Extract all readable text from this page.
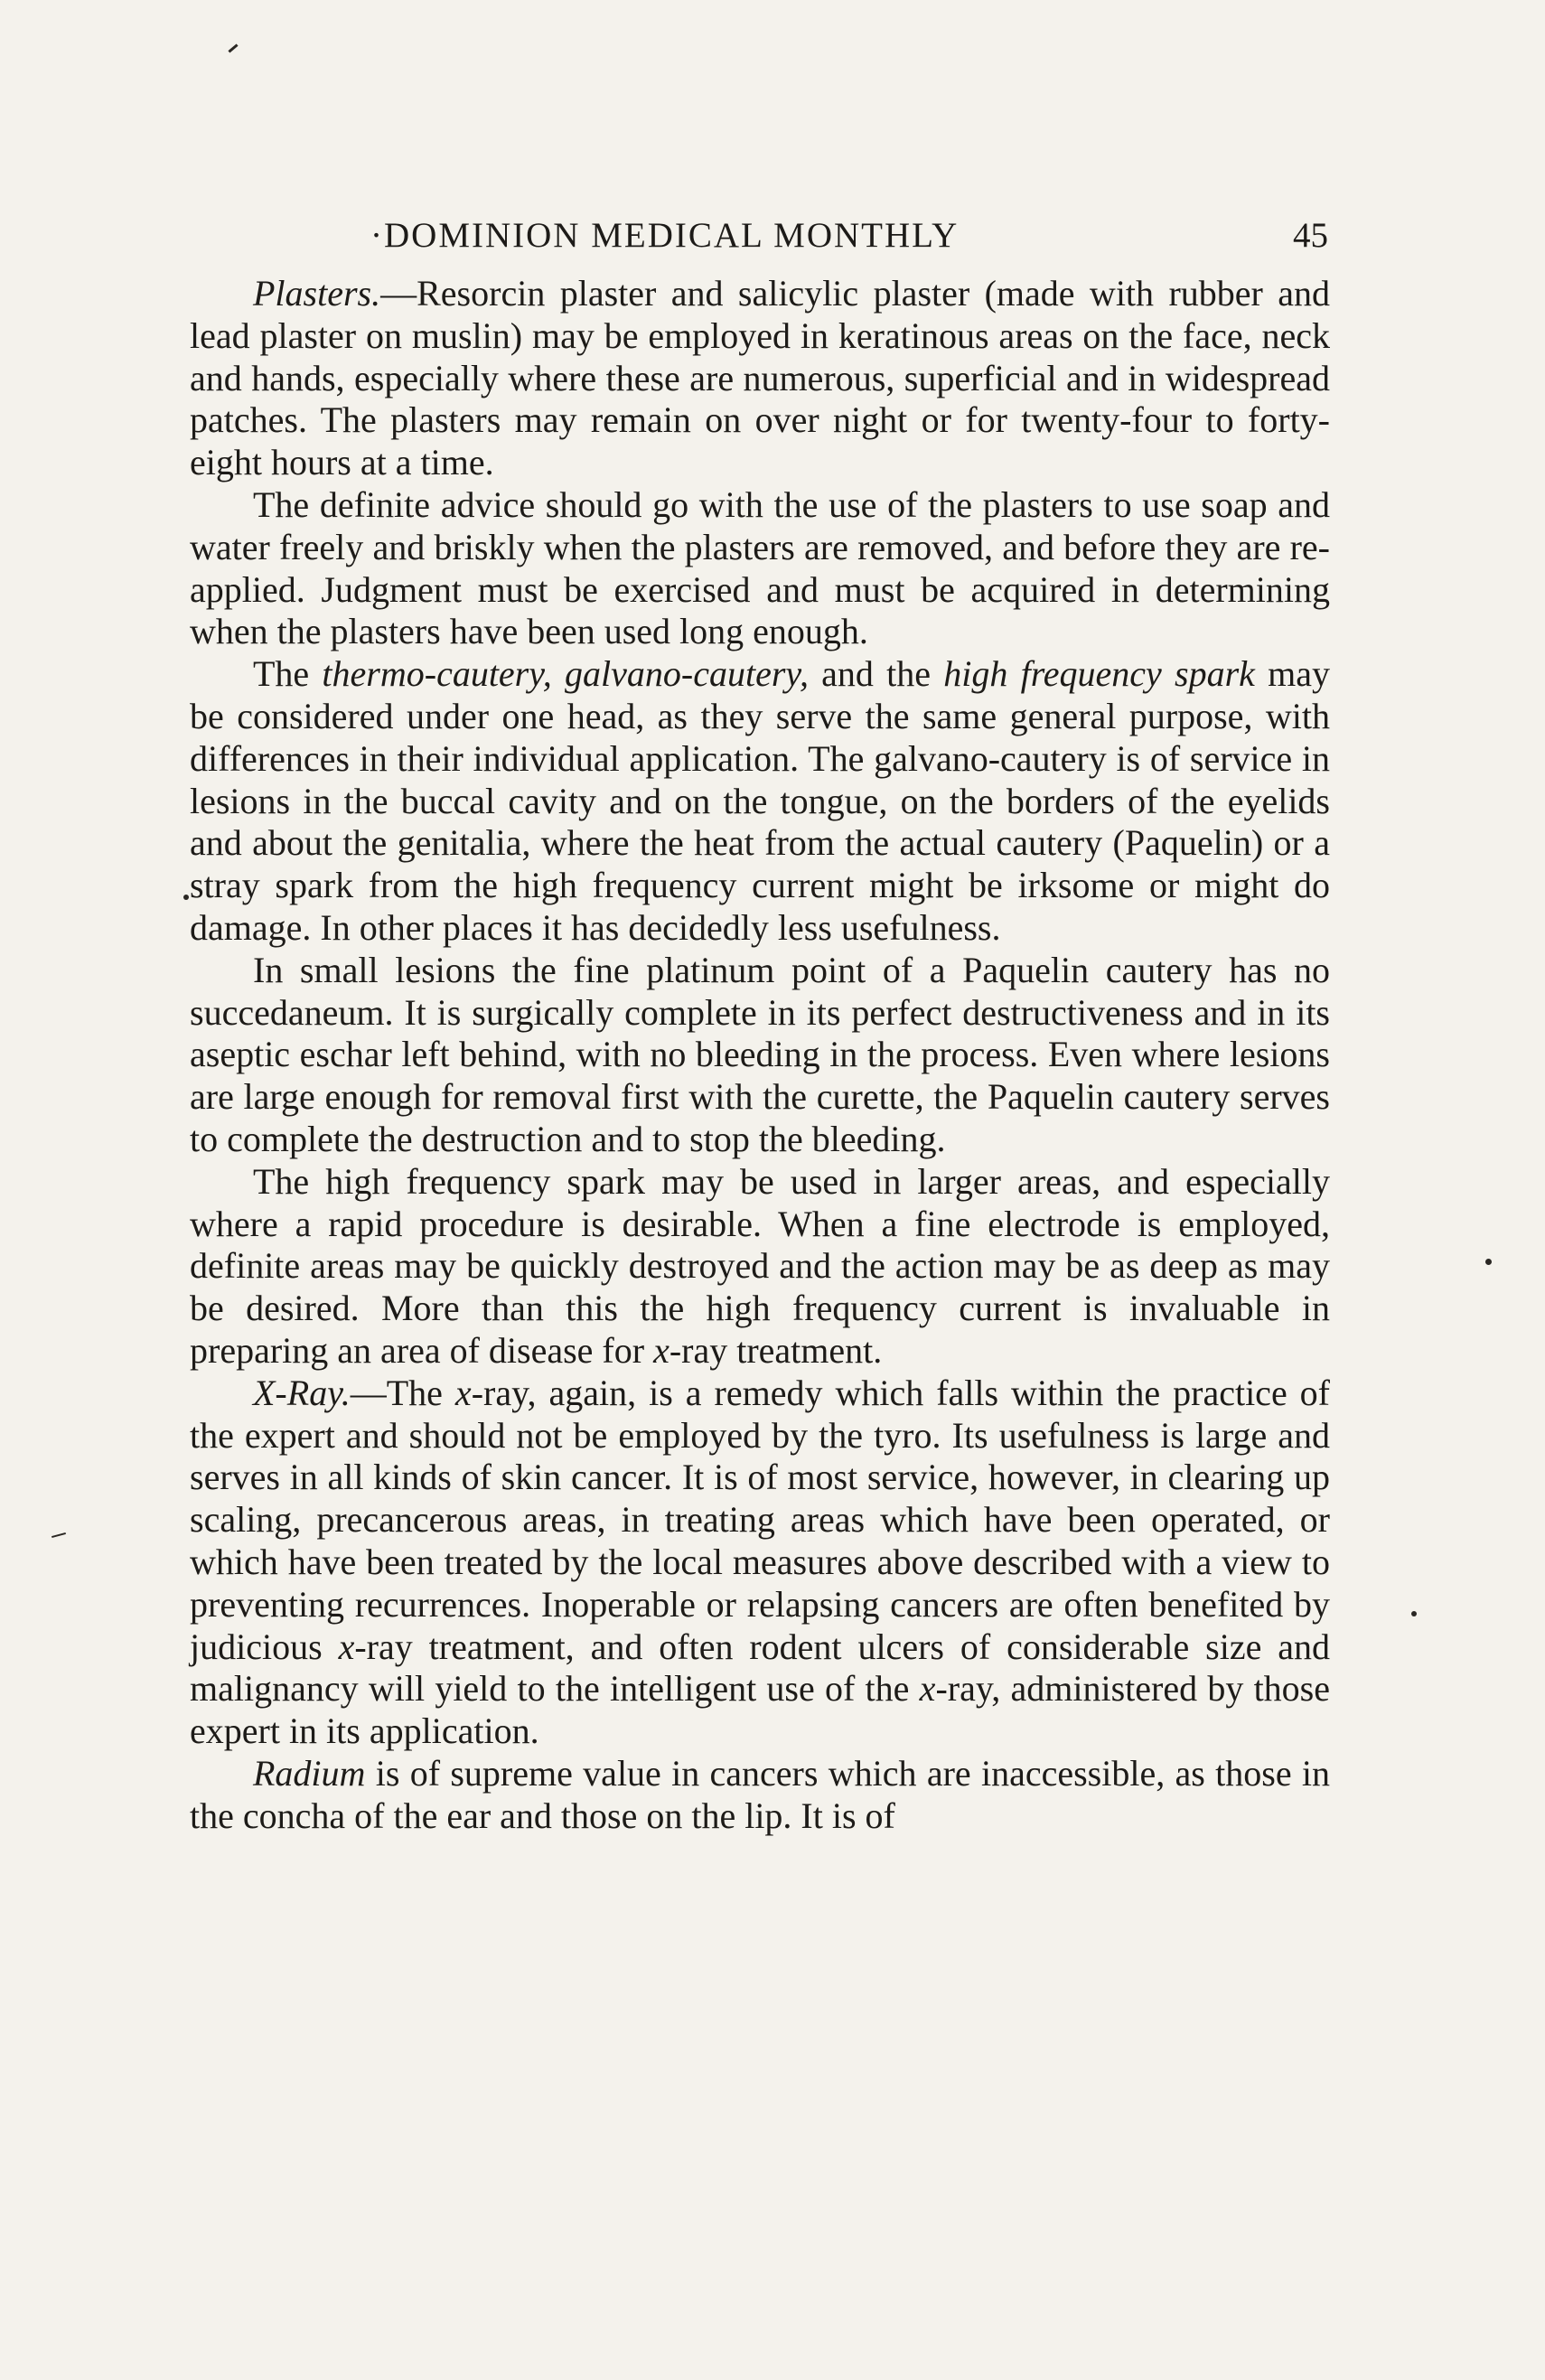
·DOMINION MEDICAL MONTHLY	45

Plasters.—Resorcin plaster and salicylic plaster (made with rubber and lead plaster on muslin) may be employed in keratinous areas on the face, neck and hands, especially where these are numerous, superficial and in widespread patches. The plasters may remain on over night or for twenty-four to forty-eight hours at a time.

The definite advice should go with the use of the plasters to use soap and water freely and briskly when the plasters are removed, and before they are re-applied. Judgment must be exercised and must be acquired in determining when the plasters have been used long enough.

The thermo-cautery, galvano-cautery, and the high frequency spark may be considered under one head, as they serve the same general purpose, with differences in their individual application. The galvano-cautery is of service in lesions in the buccal cavity and on the tongue, on the borders of the eyelids and about the genitalia, where the heat from the actual cautery (Paquelin) or a stray spark from the high frequency current might be irksome or might do damage. In other places it has decidedly less usefulness.

In small lesions the fine platinum point of a Paquelin cautery has no succedaneum. It is surgically complete in its perfect destructiveness and in its aseptic eschar left behind, with no bleeding in the process. Even where lesions are large enough for removal first with the curette, the Paquelin cautery serves to complete the destruction and to stop the bleeding.

The high frequency spark may be used in larger areas, and especially where a rapid procedure is desirable. When a fine electrode is employed, definite areas may be quickly destroyed and the action may be as deep as may be desired. More than this the high frequency current is invaluable in preparing an area of disease for x-ray treatment.

X-Ray.—The x-ray, again, is a remedy which falls within the practice of the expert and should not be employed by the tyro. Its usefulness is large and serves in all kinds of skin cancer. It is of most service, however, in clearing up scaling, precancerous areas, in treating areas which have been operated, or which have been treated by the local measures above described with a view to preventing recurrences. Inoperable or relapsing cancers are often benefited by judicious x-ray treatment, and often rodent ulcers of considerable size and malignancy will yield to the intelligent use of the x-ray, administered by those expert in its application.

Radium is of supreme value in cancers which are inaccessible, as those in the concha of the ear and those on the lip. It is of
